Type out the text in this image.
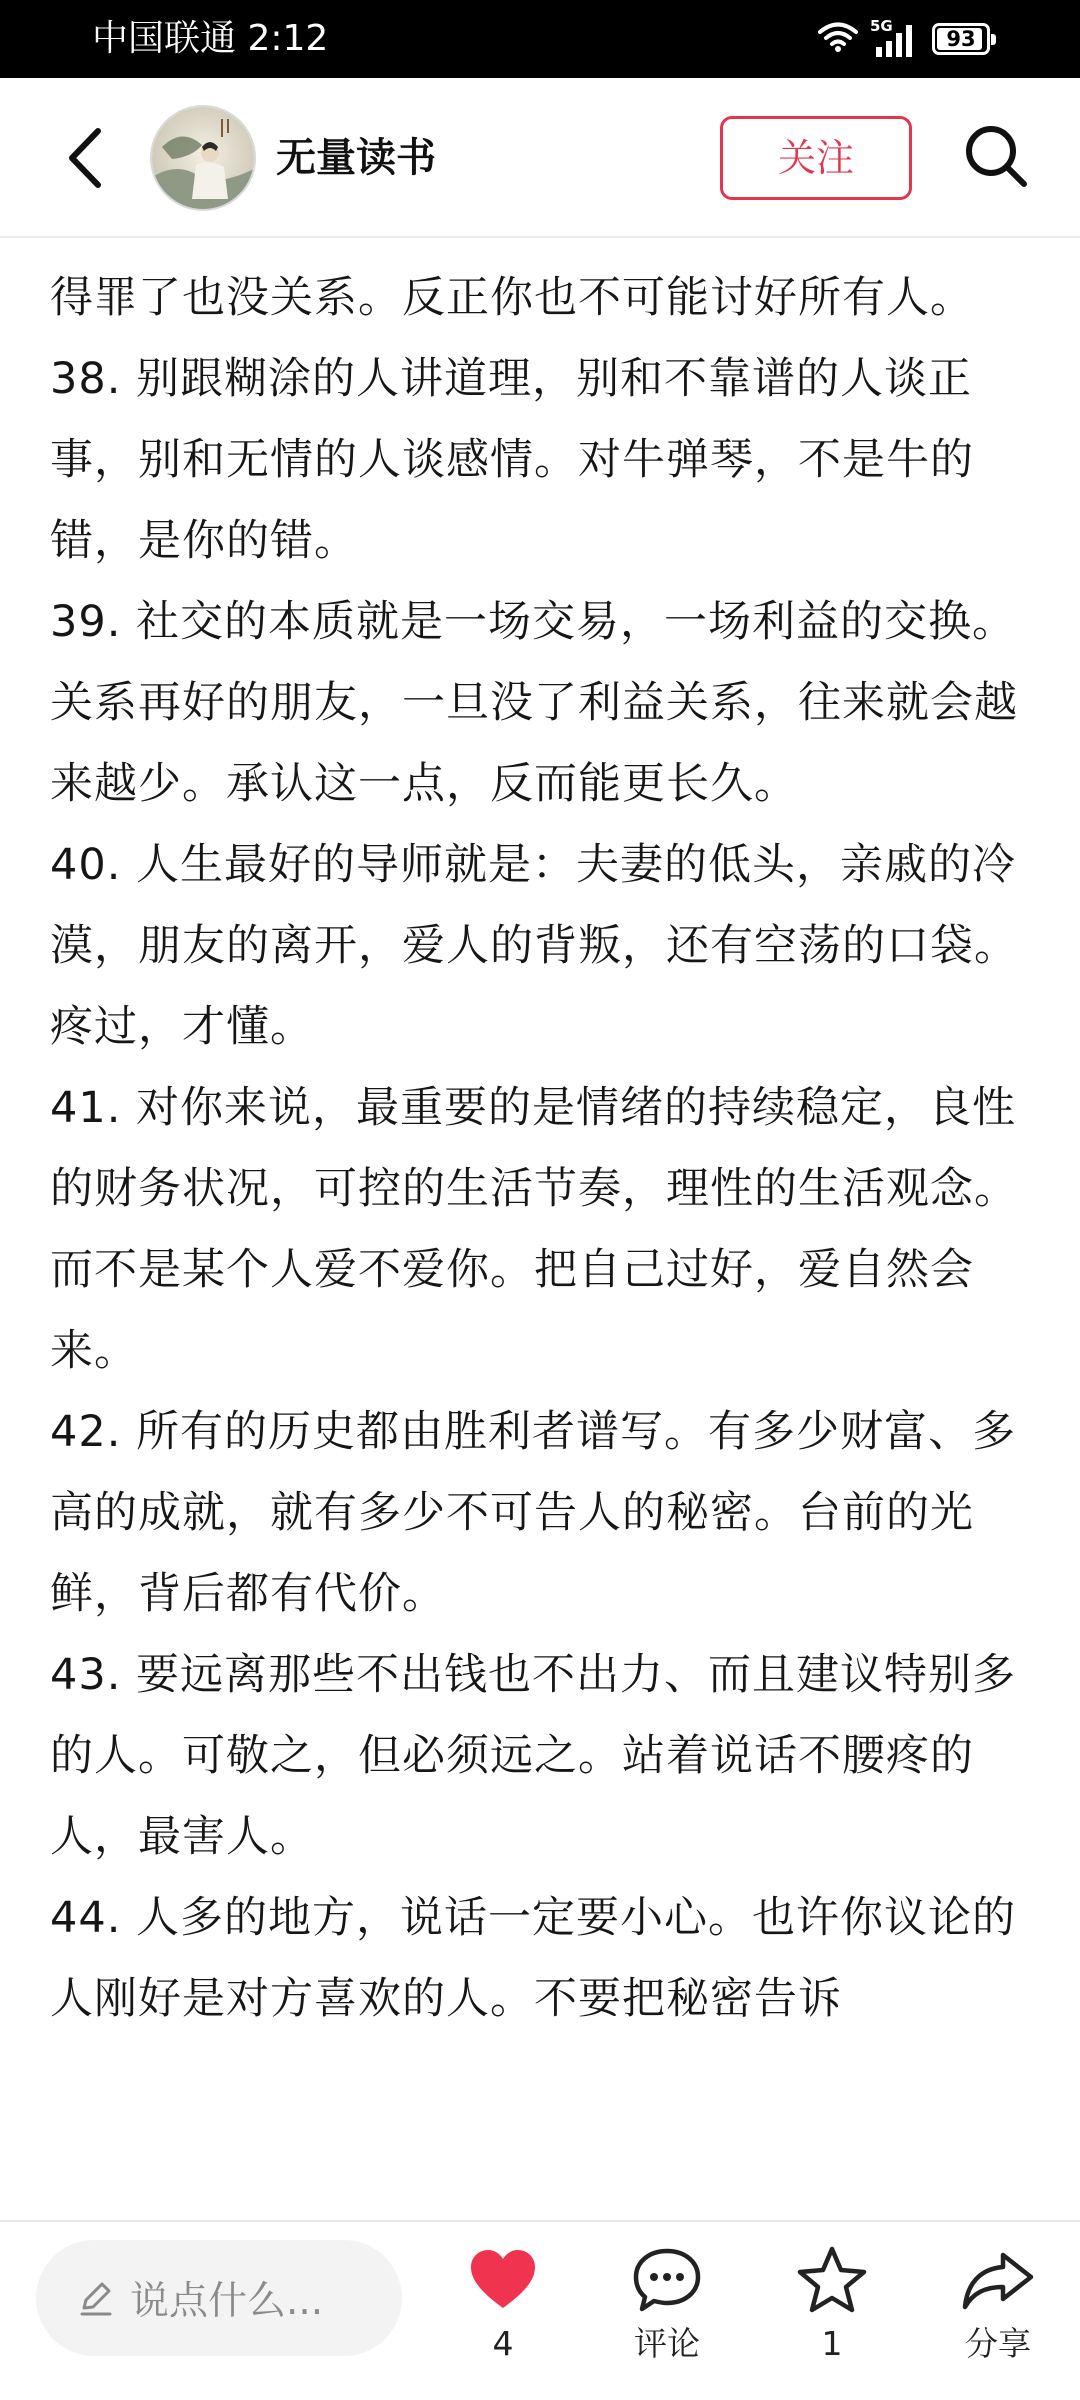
中国联通 2:12	5G
93
无量读书	关注

得罪了也没关系。反正你也不可能讨好所有人。

38. 别跟糊涂的人讲道理，别和不靠谱的人谈正事，别和无情的人谈感情。对牛弹琴，不是牛的错，是你的错。

39. 社交的本质就是一场交易，一场利益的交换。关系再好的朋友，一旦没了利益关系，往来就会越来越少。承认这一点，反而能更长久。

40. 人生最好的导师就是：夫妻的低头，亲戚的冷漠，朋友的离开，爱人的背叛，还有空荡的口袋。疼过，才懂。

41. 对你来说，最重要的是情绪的持续稳定，良性的财务状况，可控的生活节奏，理性的生活观念。而不是某个人爱不爱你。把自己过好，爱自然会来。

42. 所有的历史都由胜利者谱写。有多少财富、多高的成就，就有多少不可告人的秘密。台前的光鲜，背后都有代价。

43. 要远离那些不出钱也不出力、而且建议特别多的人。可敬之，但必须远之。站着说话不腰疼的人，最害人。

44. 人多的地方，说话一定要小心。也许你议论的人刚好是对方喜欢的人。不要把秘密告诉

说点什么...
4	评论	1	分享
